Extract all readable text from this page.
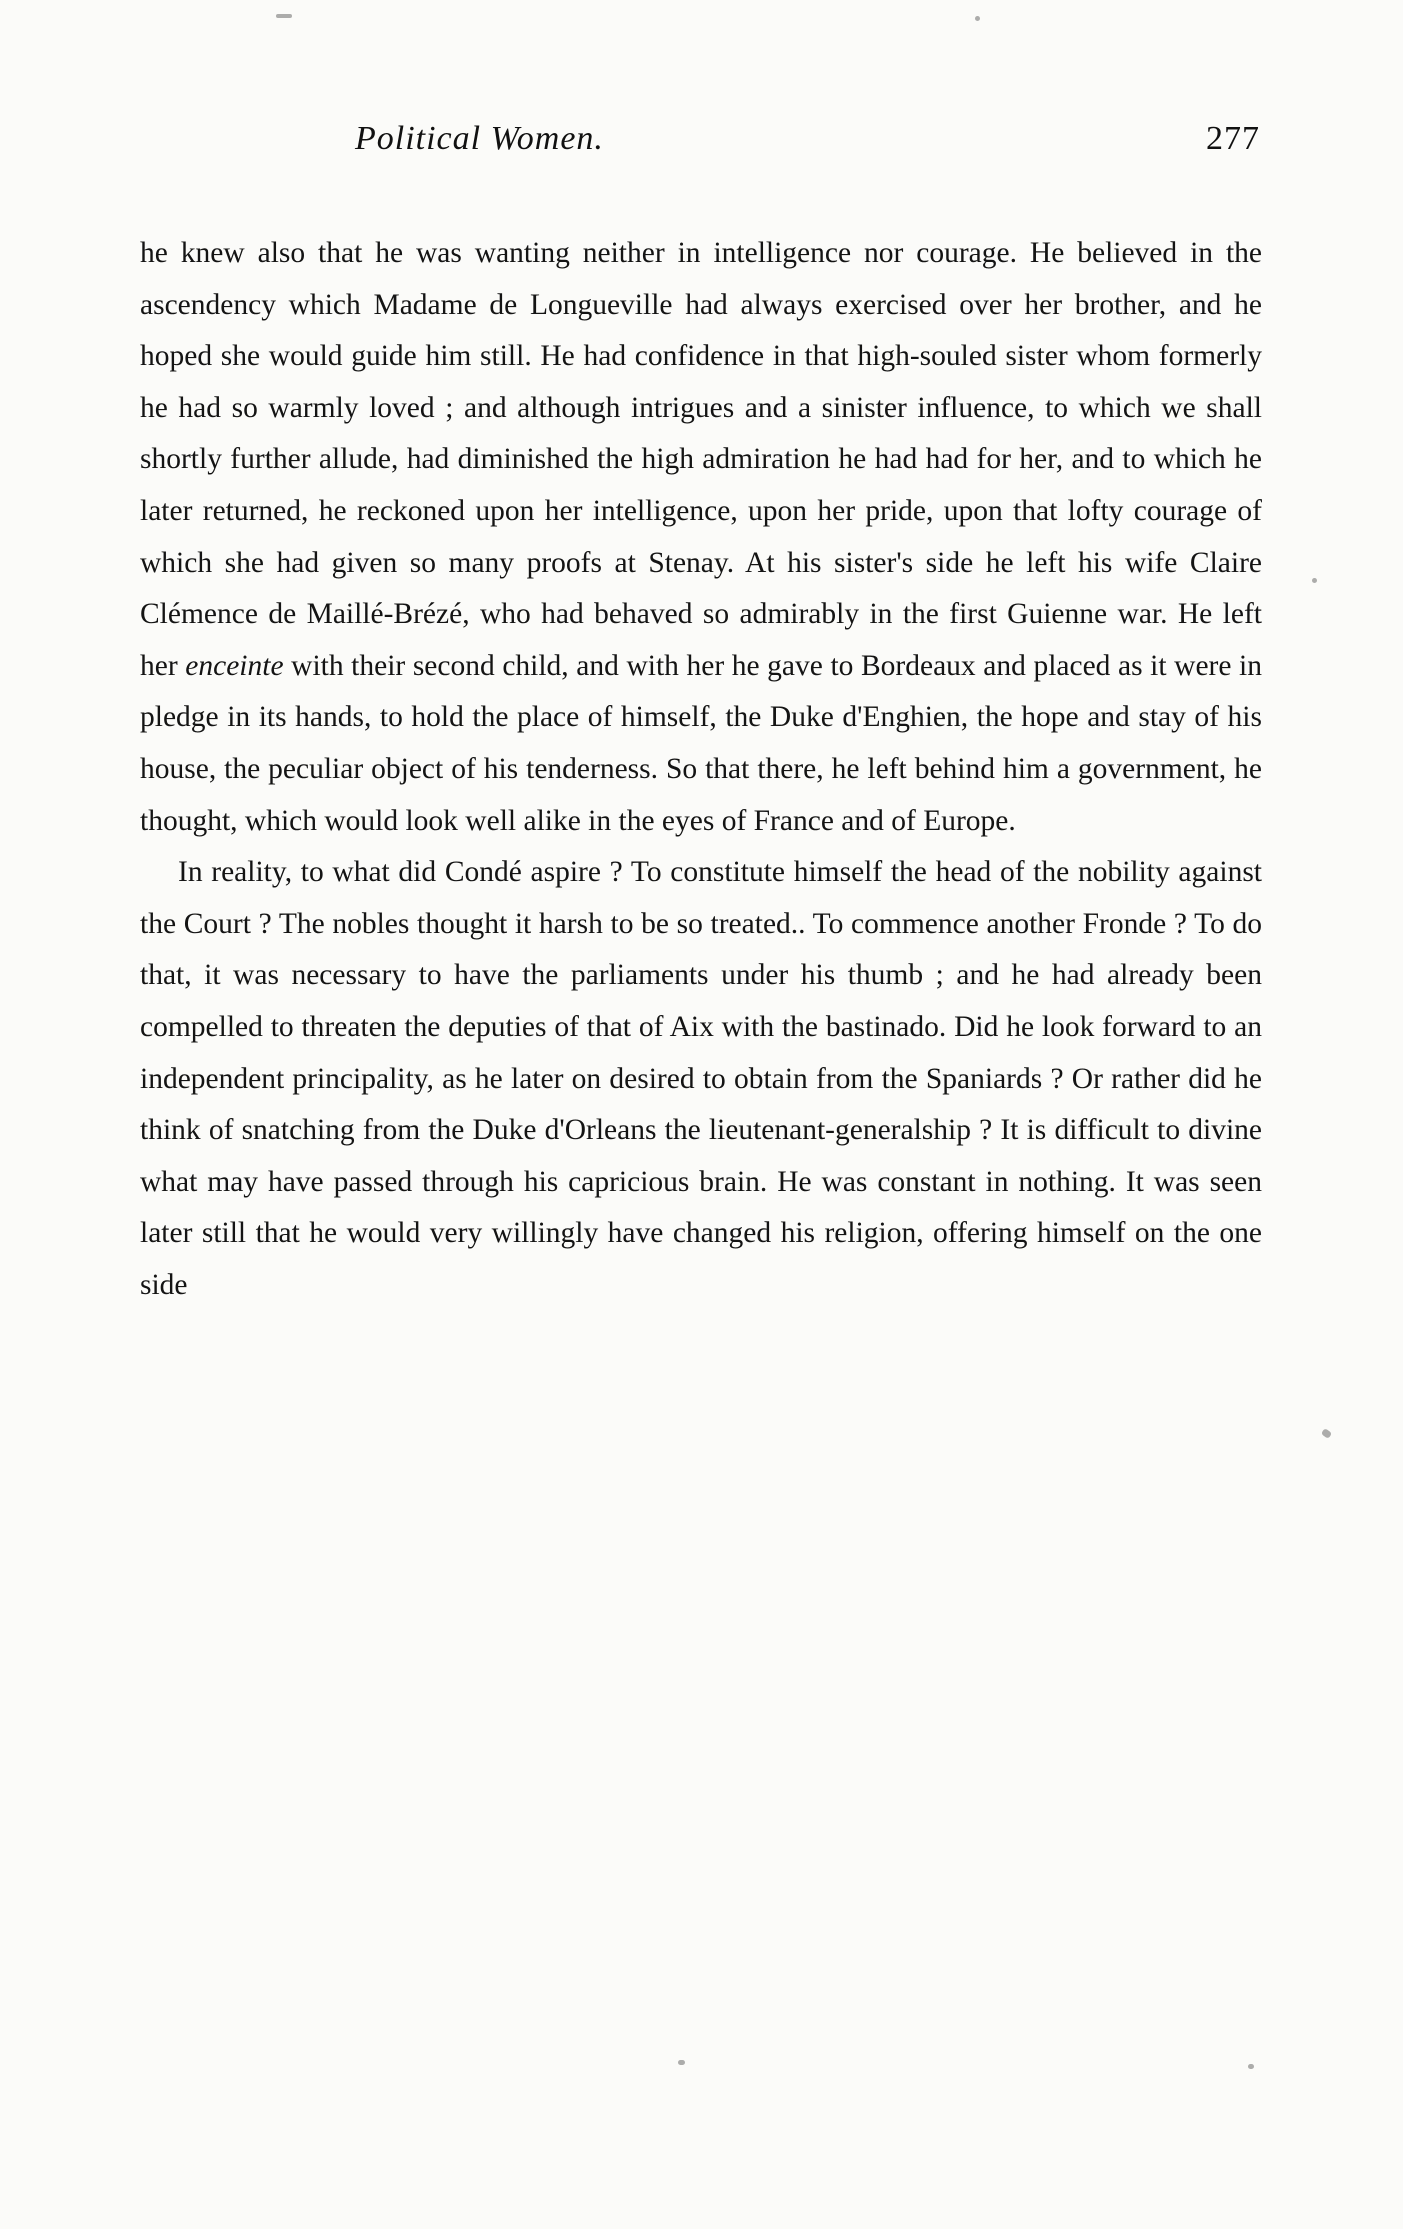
Political Women.	277

he knew also that he was wanting neither in intelligence nor courage. He believed in the ascendency which Madame de Longueville had always exercised over her brother, and he hoped she would guide him still. He had confidence in that high-souled sister whom formerly he had so warmly loved ; and although intrigues and a sinister influence, to which we shall shortly further allude, had diminished the high admiration he had had for her, and to which he later returned, he reckoned upon her intelligence, upon her pride, upon that lofty courage of which she had given so many proofs at Stenay. At his sister's side he left his wife Claire Clémence de Maillé-Brézé, who had behaved so admirably in the first Guienne war. He left her enceinte with their second child, and with her he gave to Bordeaux and placed as it were in pledge in its hands, to hold the place of himself, the Duke d'Enghien, the hope and stay of his house, the peculiar object of his tenderness. So that there, he left behind him a government, he thought, which would look well alike in the eyes of France and of Europe.

In reality, to what did Condé aspire ? To constitute himself the head of the nobility against the Court ? The nobles thought it harsh to be so treated.. To commence another Fronde ? To do that, it was necessary to have the parliaments under his thumb ; and he had already been compelled to threaten the deputies of that of Aix with the bastinado. Did he look forward to an independent principality, as he later on desired to obtain from the Spaniards ? Or rather did he think of snatching from the Duke d'Orleans the lieutenant-generalship ? It is difficult to divine what may have passed through his capricious brain. He was constant in nothing. It was seen later still that he would very willingly have changed his religion, offering himself on the one side
